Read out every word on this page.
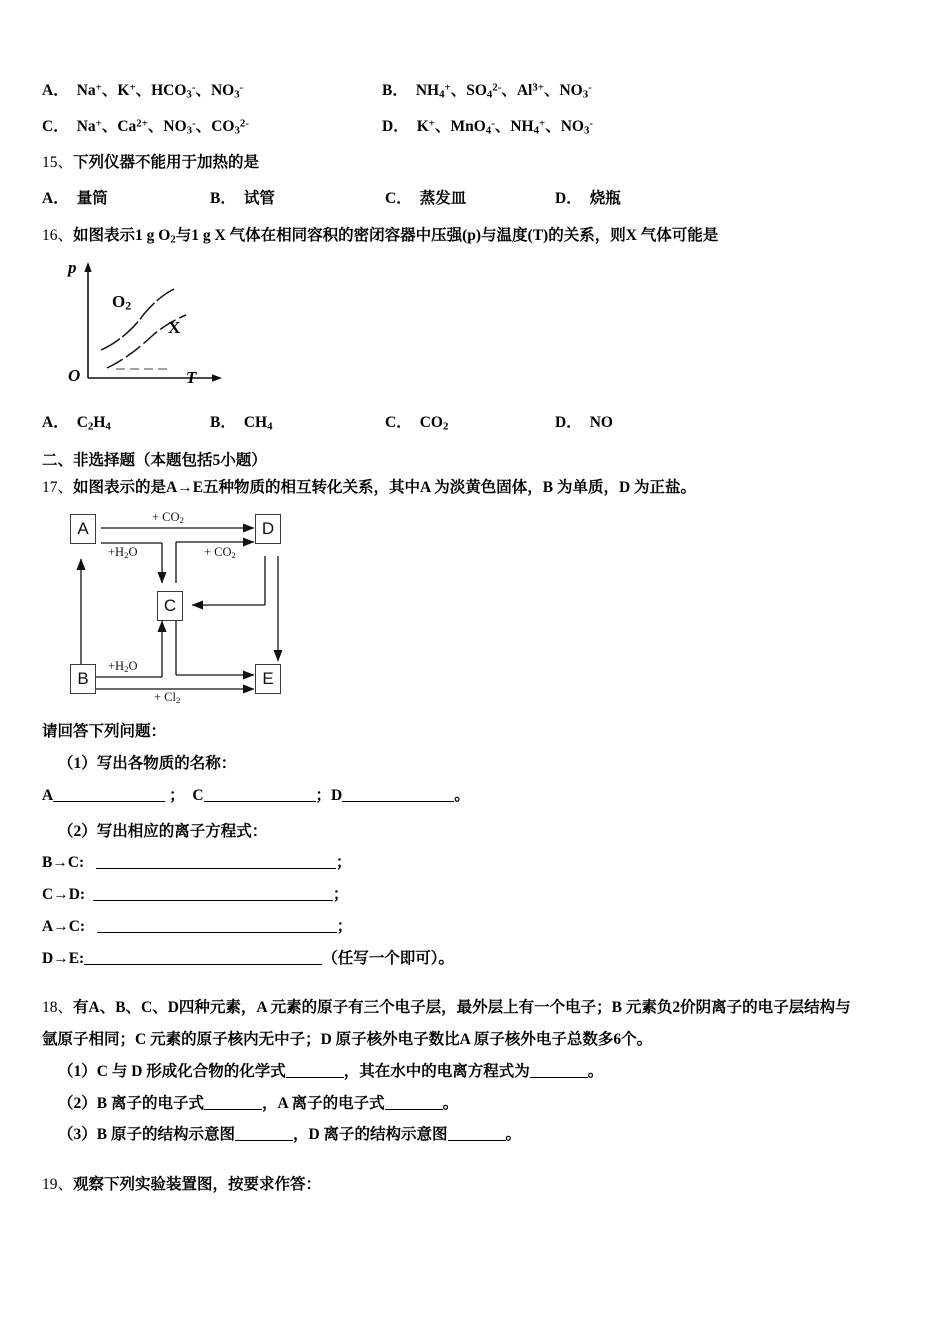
A． Na+、K+、$HCO_3^-$、$NO_3^-$	B． $NH_4^+$、$SO_4^{2-}$、$Al^{3+}$、$NO_3^-$
C． Na+、$Ca^{2+}$、$NO_3^-$、$CO_3^{2-}$	D． K+、MnO$_4$-、$NH_4^+$、$NO_3^-$
15、下列仪器不能用于加热的是
A． 量筒	B． 试管	C． 蒸发皿	D． 烧瓶
16、如图表示1 g $O_2$与1 g X 气体在相同容积的密闭容器中压强(p)与温度(T)的关系，则X 气体可能是
p
T
O
$O_2$
X
A． $C_2H_4$	B． $CH_4$	C． $CO_2$	D． NO
二、非选择题（本题包括5小题）
17、如图表示的是A→E五种物质的相互转化关系，其中A 为淡黄色固体，B 为单质，D 为正盐。
A
B
C
D
E
+ $CO_2$
$+H_2O$	+ $CO_2$
$+H_2O$
+ $Cl_2$
请回答下列问题：
（1）写出各物质的名称：
A	；  C	；D	。
（2）写出相应的离子方程式：
B→C:	；
C→D:	；
A→C:	；
D→E:	（任写一个即可）。
18、有A、B、C、D四种元素，A 元素的原子有三个电子层，最外层上有一个电子；B 元素负2价阴离子的电子层结构与
氩原子相同；C 元素的原子核内无中子；D 原子核外电子数比A 原子核外电子总数多6个。
（1）C 与 D 形成化合物的化学式	，其在水中的电离方程式为	。
（2）B 离子的电子式	，A 离子的电子式	。
（3）B 原子的结构示意图	，D 离子的结构示意图	。
19、观察下列实验装置图，按要求作答：
